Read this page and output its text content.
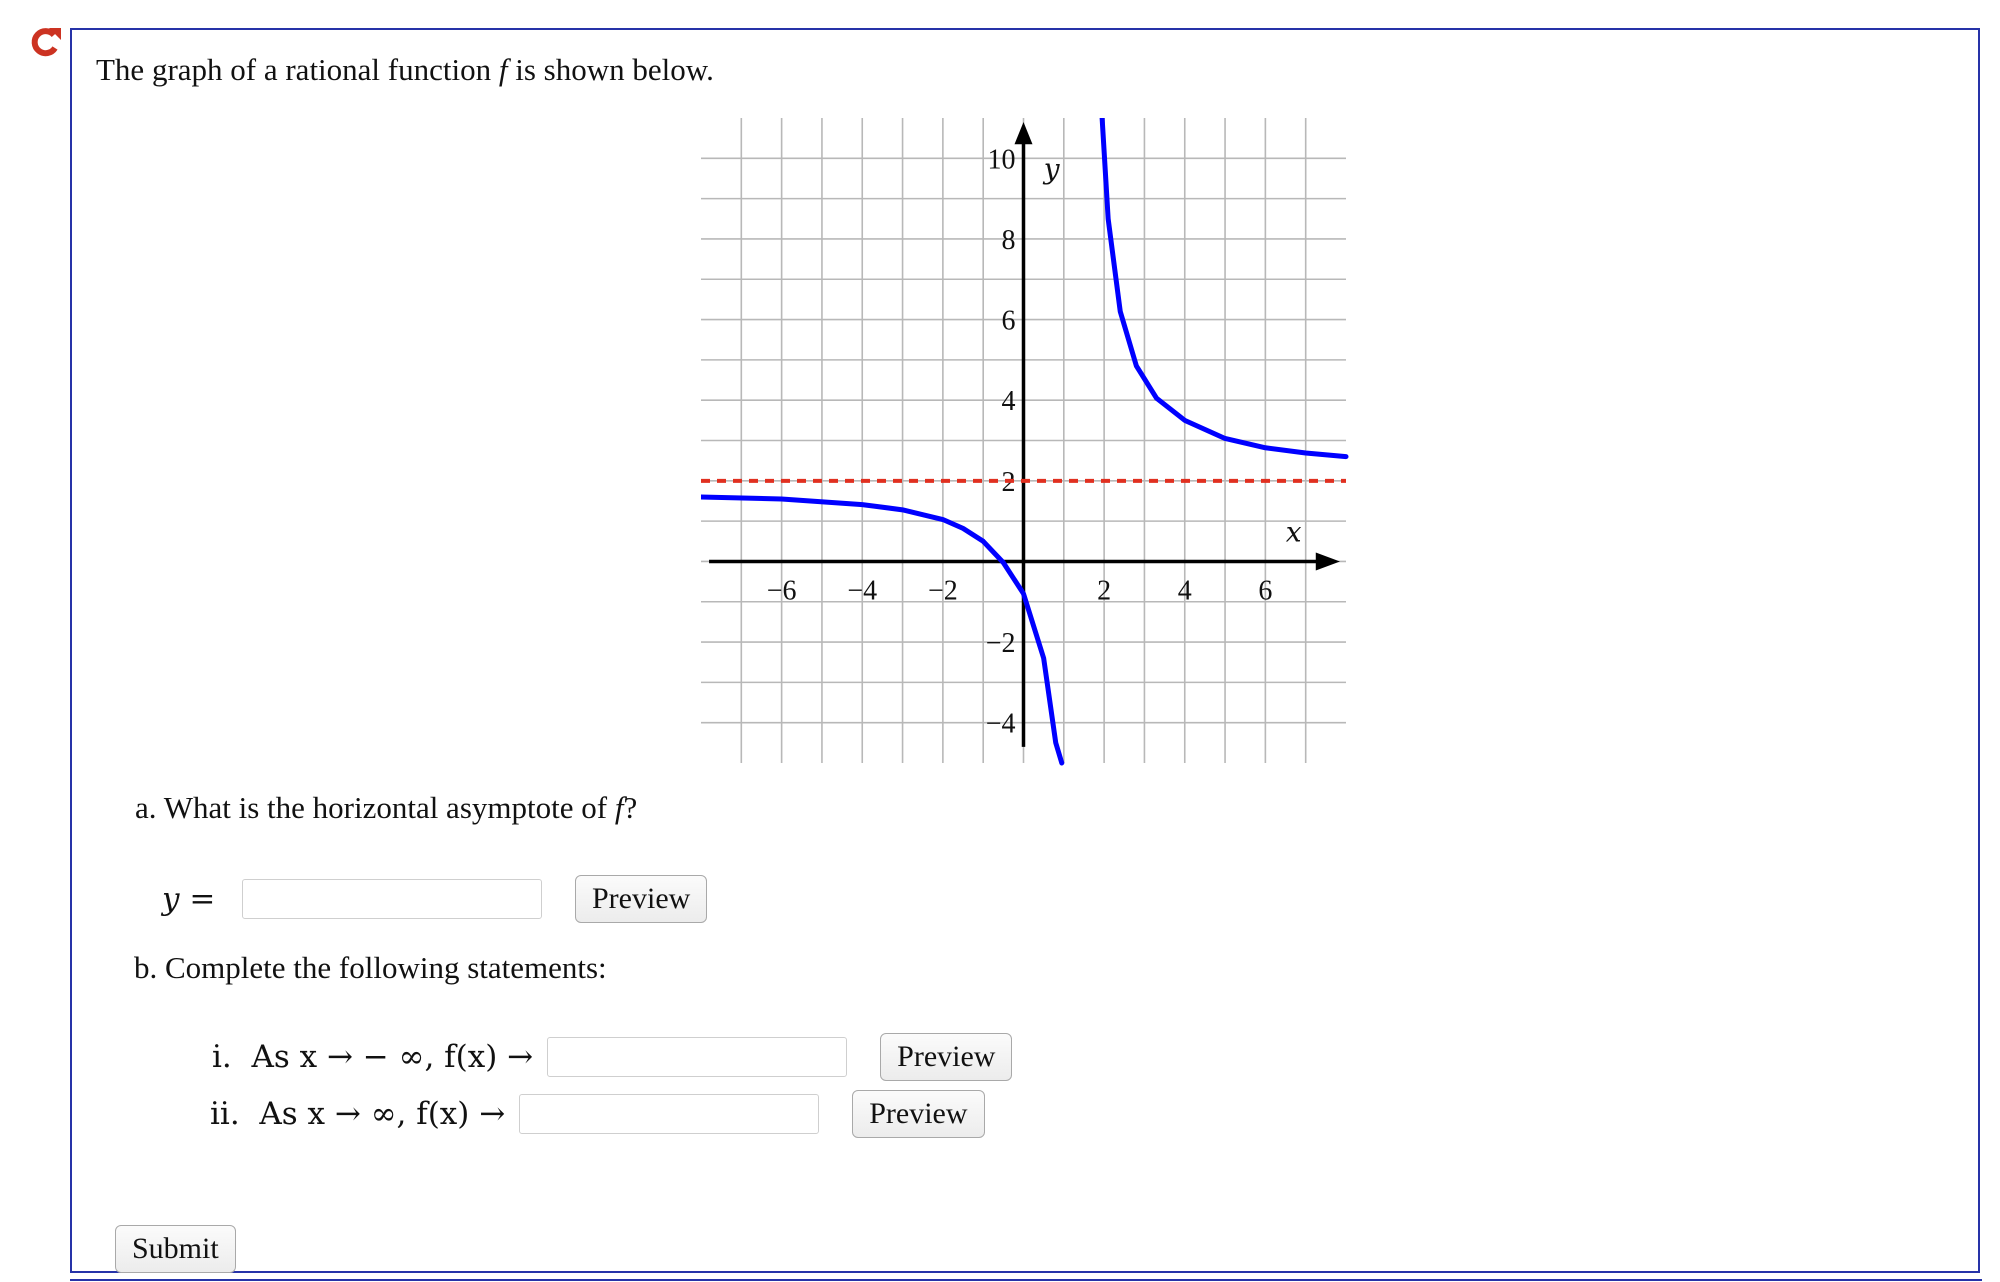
The graph of a rational function f is shown below.
−6 −4 −2	2 4 6
10
8
6
4
2
−2
−4
x
y
a. What is the horizontal asymptote of f?
y =	Preview
b. Complete the following statements:
i.  As x → − ∞, f(x) →	Preview
ii.  As x → ∞, f(x) →	Preview
Submit
